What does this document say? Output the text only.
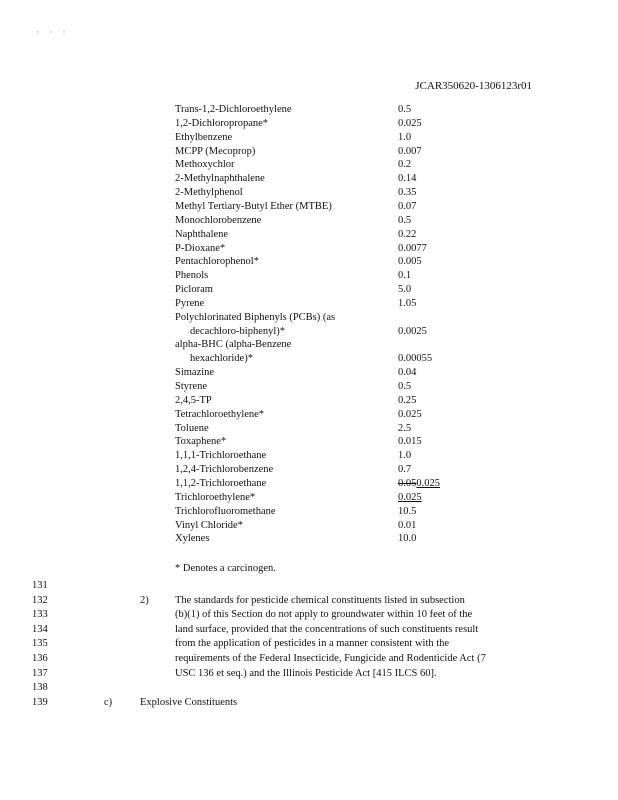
· · ·
JCAR350620-1306123r01
Trans-1,2-Dichloroethylene	0.5
1,2-Dichloropropane*	0.025
Ethylbenzene	1.0
MCPP (Mecoprop)	0.007
Methoxychlor	0.2
2-Methylnaphthalene	0.14
2-Methylphenol	0.35
Methyl Tertiary-Butyl Ether (MTBE)	0.07
Monochlorobenzene	0.5
Naphthalene	0.22
P-Dioxane*	0.0077
Pentachlorophenol*	0.005
Phenols	0.1
Picloram	5.0
Pyrene	1.05
Polychlorinated Biphenyls (PCBs) (as
decachloro-biphenyl)*	0.0025
alpha-BHC (alpha-Benzene
hexachloride)*	0.00055
Simazine	0.04
Styrene	0.5
2,4,5-TP	0.25
Tetrachloroethylene*	0.025
Toluene	2.5
Toxaphene*	0.015
1,1,1-Trichloroethane	1.0
1,2,4-Trichlorobenzene	0.7
1,1,2-Trichloroethane	0.050.025
Trichloroethylene*	0.025
Trichlorofluoromethane	10.5
Vinyl Chloride*	0.01
Xylenes	10.0
* Denotes a carcinogen.
131
132	2)	The standards for pesticide chemical constituents listed in subsection
133	(b)(1) of this Section do not apply to groundwater within 10 feet of the
134	land surface, provided that the concentrations of such constituents result
135	from the application of pesticides in a manner consistent with the
136	requirements of the Federal Insecticide, Fungicide and Rodenticide Act (7
137	USC 136 et seq.) and the Illinois Pesticide Act [415 ILCS 60].
138
139	c)	Explosive Constituents
